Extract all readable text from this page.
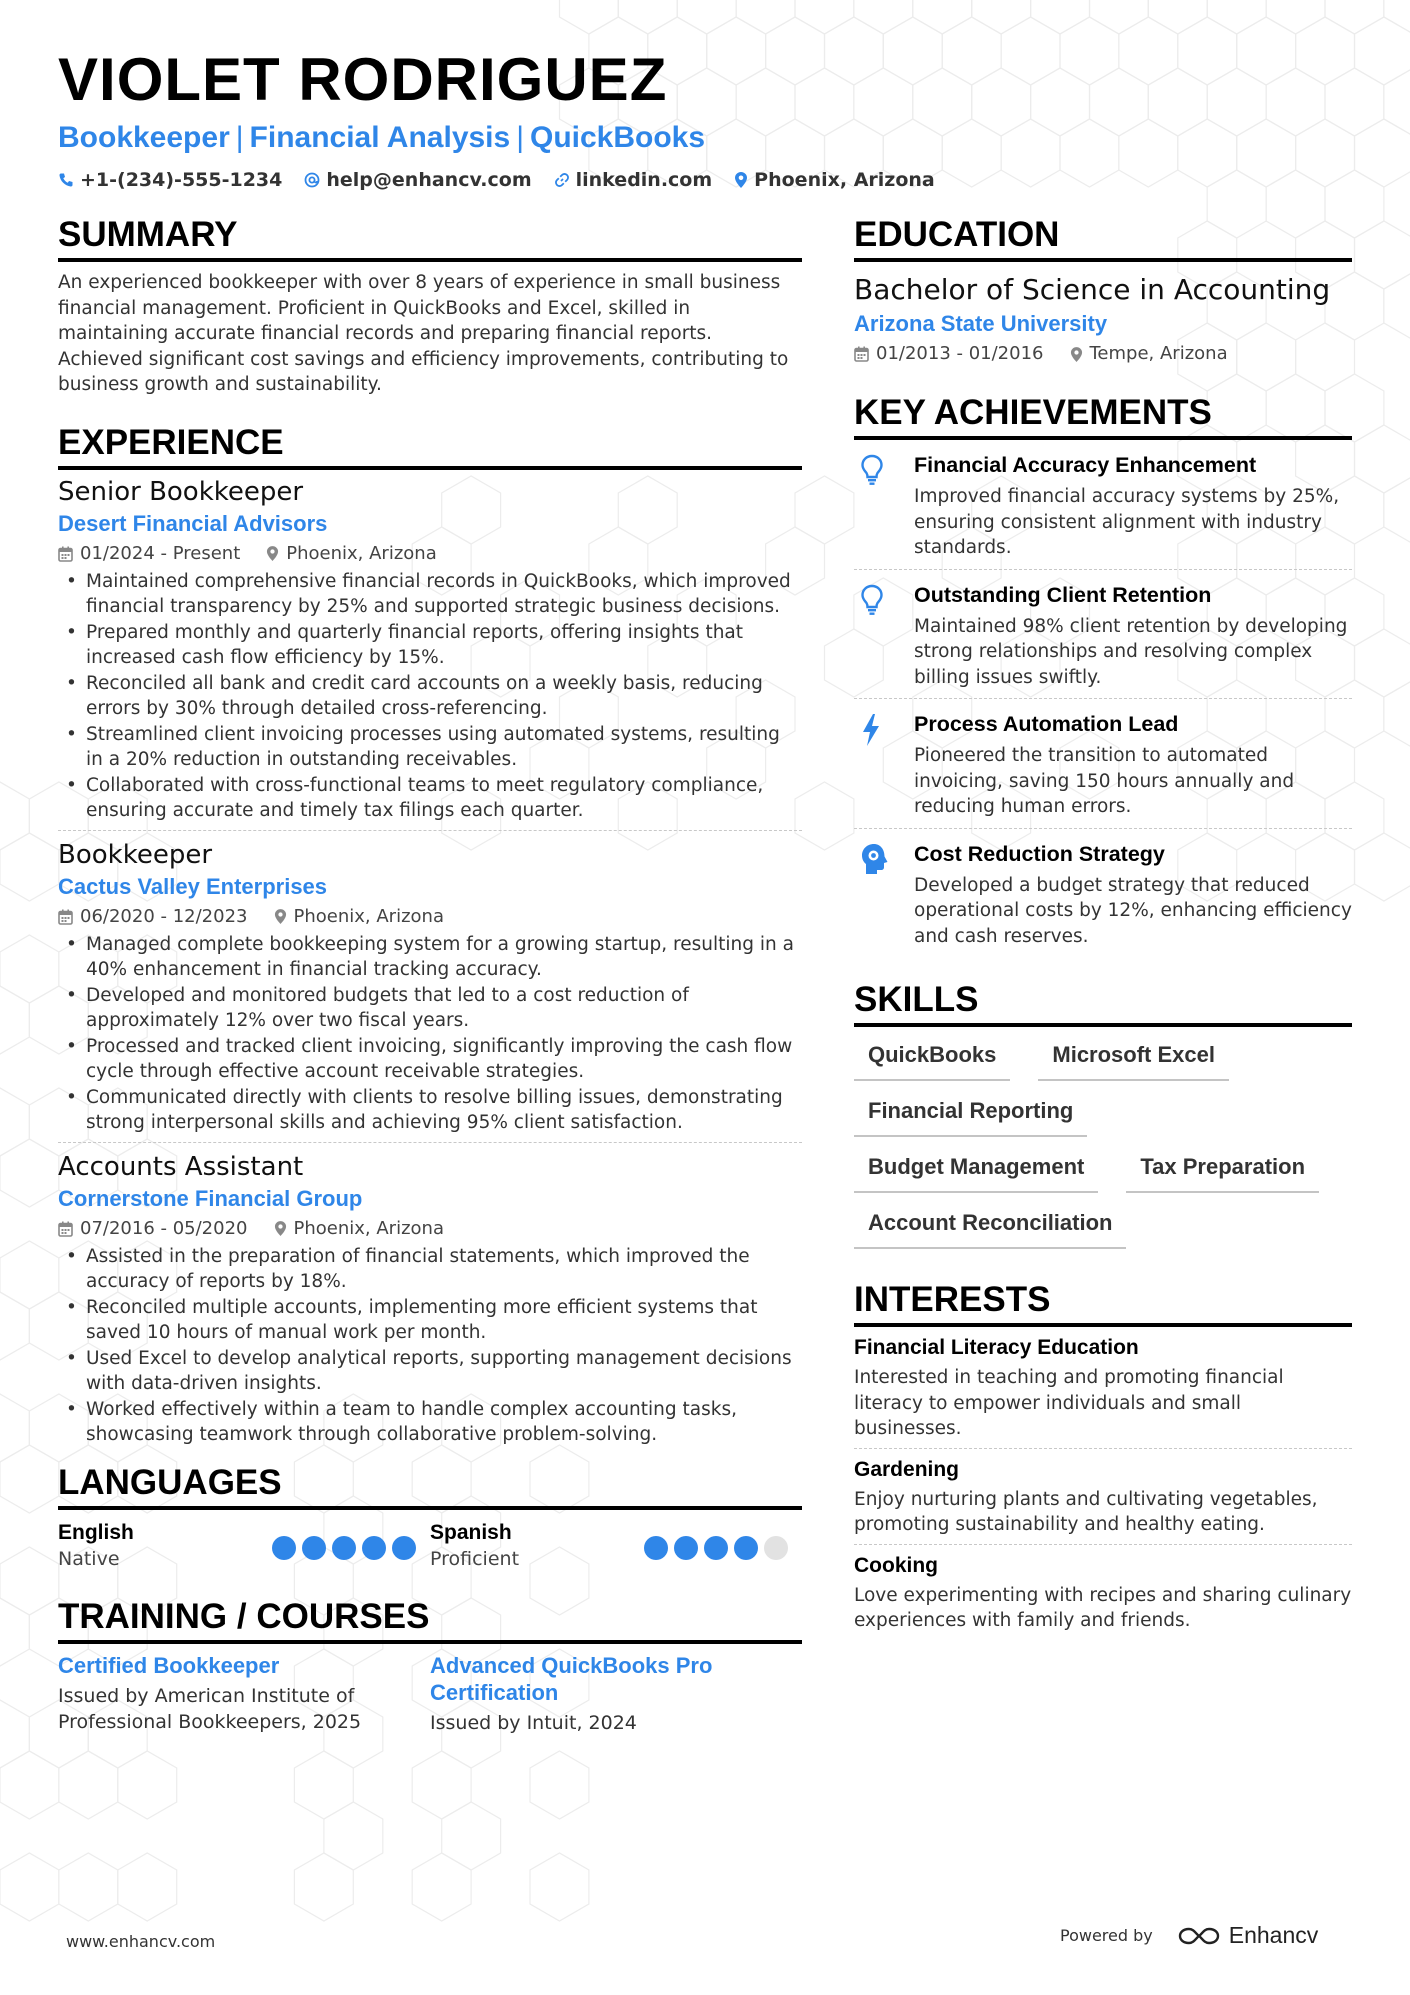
VIOLET RODRIGUEZ
Bookkeeper | Financial Analysis | QuickBooks
+1-(234)-555-1234 help@enhancv.com linkedin.com Phoenix, Arizona
SUMMARY
An experienced bookkeeper with over 8 years of experience in small business financial management. Proficient in QuickBooks and Excel, skilled in maintaining accurate financial records and preparing financial reports. Achieved significant cost savings and efficiency improvements, contributing to business growth and sustainability.
EXPERIENCE
Senior Bookkeeper
Desert Financial Advisors
01/2024 - Present	Phoenix, Arizona
• Maintained comprehensive financial records in QuickBooks, which improved financial transparency by 25% and supported strategic business decisions.
• Prepared monthly and quarterly financial reports, offering insights that increased cash flow efficiency by 15%.
• Reconciled all bank and credit card accounts on a weekly basis, reducing errors by 30% through detailed cross-referencing.
• Streamlined client invoicing processes using automated systems, resulting in a 20% reduction in outstanding receivables.
• Collaborated with cross-functional teams to meet regulatory compliance, ensuring accurate and timely tax filings each quarter.
Bookkeeper
Cactus Valley Enterprises
06/2020 - 12/2023	Phoenix, Arizona
• Managed complete bookkeeping system for a growing startup, resulting in a 40% enhancement in financial tracking accuracy.
• Developed and monitored budgets that led to a cost reduction of approximately 12% over two fiscal years.
• Processed and tracked client invoicing, significantly improving the cash flow cycle through effective account receivable strategies.
• Communicated directly with clients to resolve billing issues, demonstrating strong interpersonal skills and achieving 95% client satisfaction.
Accounts Assistant
Cornerstone Financial Group
07/2016 - 05/2020	Phoenix, Arizona
• Assisted in the preparation of financial statements, which improved the accuracy of reports by 18%.
• Reconciled multiple accounts, implementing more efficient systems that saved 10 hours of manual work per month.
• Used Excel to develop analytical reports, supporting management decisions with data-driven insights.
• Worked effectively within a team to handle complex accounting tasks, showcasing teamwork through collaborative problem-solving.
LANGUAGES
English
Native
Spanish
Proficient
TRAINING / COURSES
Certified Bookkeeper
Issued by American Institute of Professional Bookkeepers, 2025
Advanced QuickBooks Pro Certification
Issued by Intuit, 2024
EDUCATION
Bachelor of Science in Accounting
Arizona State University
01/2013 - 01/2016	Tempe, Arizona
KEY ACHIEVEMENTS
Financial Accuracy Enhancement
Improved financial accuracy systems by 25%, ensuring consistent alignment with industry standards.
Outstanding Client Retention
Maintained 98% client retention by developing strong relationships and resolving complex billing issues swiftly.
Process Automation Lead
Pioneered the transition to automated invoicing, saving 150 hours annually and reducing human errors.
Cost Reduction Strategy
Developed a budget strategy that reduced operational costs by 12%, enhancing efficiency and cash reserves.
SKILLS
QuickBooks	Microsoft Excel
Financial Reporting
Budget Management	Tax Preparation
Account Reconciliation
INTERESTS
Financial Literacy Education
Interested in teaching and promoting financial literacy to empower individuals and small businesses.
Gardening
Enjoy nurturing plants and cultivating vegetables, promoting sustainability and healthy eating.
Cooking
Love experimenting with recipes and sharing culinary experiences with family and friends.
www.enhancv.com	Powered by	Enhancv
